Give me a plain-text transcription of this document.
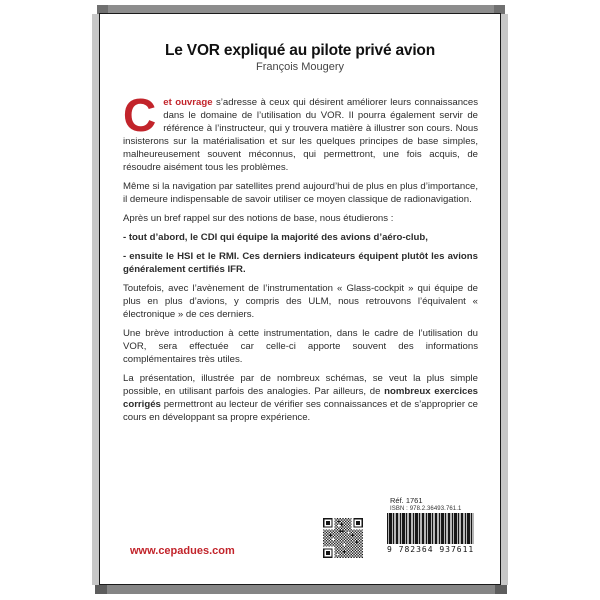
Le VOR expliqué au pilote privé avion
François Mougery
Cet ouvrage s’adresse à ceux qui désirent améliorer leurs connaissances dans le domaine de l’utilisation du VOR. Il pourra également servir de référence à l’instructeur, qui y trouvera matière à illustrer son cours. Nous insisterons sur la matérialisation et sur les quelques principes de base simples, malheureusement souvent méconnus, qui permettront, une fois acquis, de résoudre aisément tous les problèmes.
Même si la navigation par satellites prend aujourd’hui de plus en plus d’importance, il demeure indispensable de savoir utiliser ce moyen classique de radionavigation.
Après un bref rappel sur des notions de base, nous étudierons :
- tout d’abord, le CDI qui équipe la majorité des avions d’aéro-club,
- ensuite le HSI et le RMI. Ces derniers indicateurs équipent plutôt les avions généralement certifiés IFR.
Toutefois, avec l’avènement de l’instrumentation « Glass-cockpit » qui équipe de plus en plus d’avions, y compris des ULM, nous retrouvons l’équivalent « électronique » de ces derniers.
Une brève introduction à cette instrumentation, dans le cadre de l’utilisation du VOR, sera effectuée car celle-ci apporte souvent des informations complémentaires très utiles.
La présentation, illustrée par de nombreux schémas, se veut la plus simple possible, en utilisant parfois des analogies. Par ailleurs, de nombreux exercices corrigés permettront au lecteur de vérifier ses connaissances et de s’approprier ce cours en développant sa propre expérience.
www.cepadues.com
Réf. 1761
ISBN : 978.2.36493.761.1
9 782364 937611
